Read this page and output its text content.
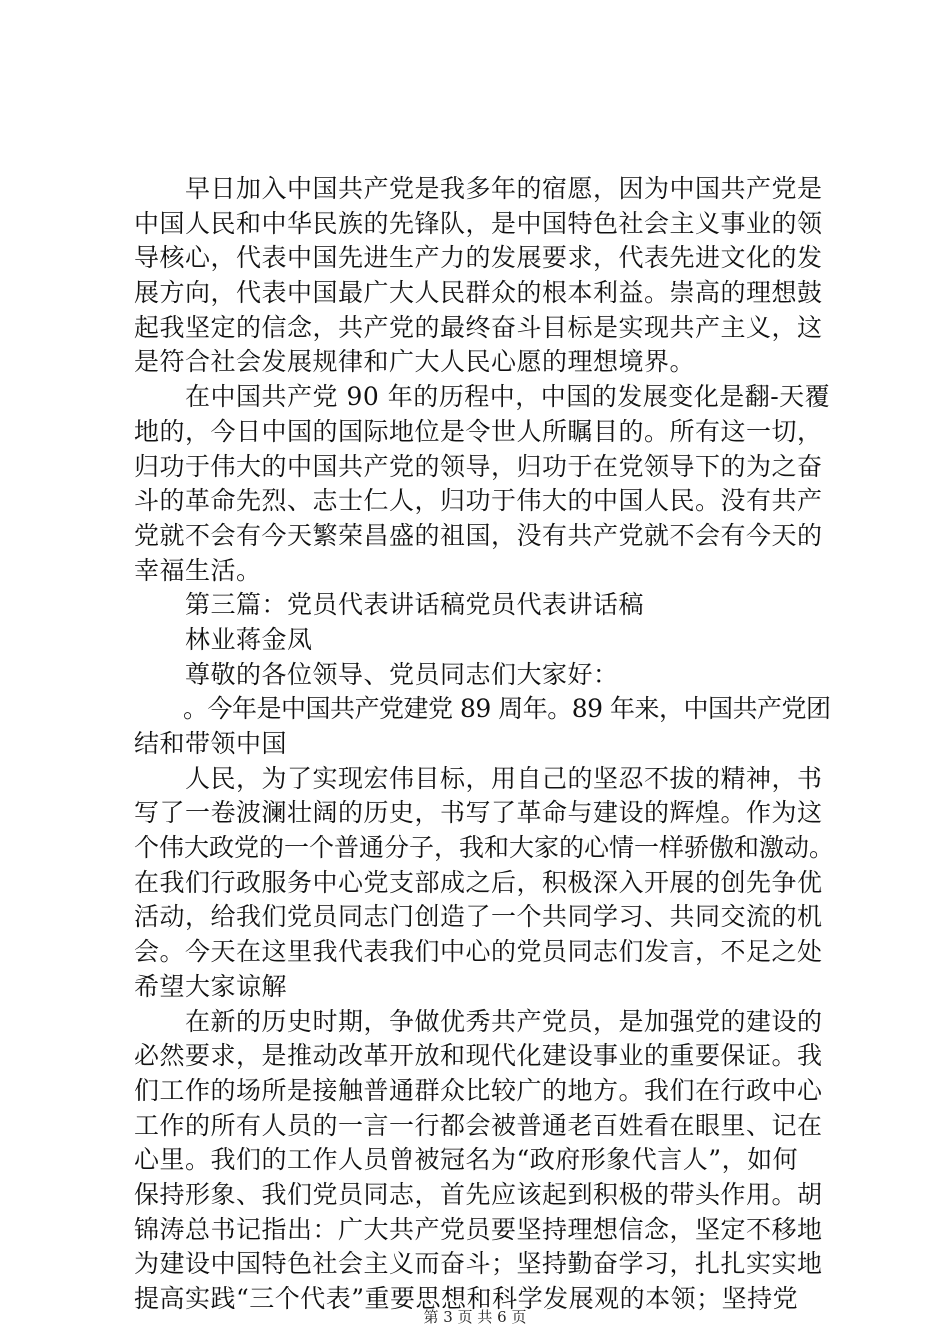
　　早日加入中国共产党是我多年的宿愿，因为中国共产党是
中国人民和中华民族的先锋队，是中国特色社会主义事业的领
导核心，代表中国先进生产力的发展要求，代表先进文化的发
展方向，代表中国最广大人民群众的根本利益。崇高的理想鼓
起我坚定的信念，共产党的最终奋斗目标是实现共产主义，这
是符合社会发展规律和广大人民心愿的理想境界。
　　在中国共产党 90 年的历程中，中国的发展变化是翻-天覆
地的，今日中国的国际地位是令世人所瞩目的。所有这一切，
归功于伟大的中国共产党的领导，归功于在党领导下的为之奋
斗的革命先烈、志士仁人，归功于伟大的中国人民。没有共产
党就不会有今天繁荣昌盛的祖国，没有共产党就不会有今天的
幸福生活。
　　第三篇：党员代表讲话稿党员代表讲话稿
　　林业蒋金凤
　　尊敬的各位领导、党员同志们大家好：
　　。今年是中国共产党建党 89 周年。89 年来，中国共产党团
结和带领中国
　　人民，为了实现宏伟目标，用自己的坚忍不拔的精神，书
写了一卷波澜壮阔的历史，书写了革命与建设的辉煌。作为这
个伟大政党的一个普通分子，我和大家的心情一样骄傲和激动。
在我们行政服务中心党支部成之后，积极深入开展的创先争优
活动，给我们党员同志门创造了一个共同学习、共同交流的机
会。今天在这里我代表我们中心的党员同志们发言，不足之处
希望大家谅解
　　在新的历史时期，争做优秀共产党员，是加强党的建设的
必然要求，是推动改革开放和现代化建设事业的重要保证。我
们工作的场所是接触普通群众比较广的地方。我们在行政中心
工作的所有人员的一言一行都会被普通老百姓看在眼里、记在
心里。我们的工作人员曾被冠名为“政府形象代言人”，如何
保持形象、我们党员同志，首先应该起到积极的带头作用。胡
锦涛总书记指出：广大共产党员要坚持理想信念，坚定不移地
为建设中国特色社会主义而奋斗；坚持勤奋学习，扎扎实实地
提高实践“三个代表”重要思想和科学发展观的本领；坚持党
第 3 页 共 6 页
